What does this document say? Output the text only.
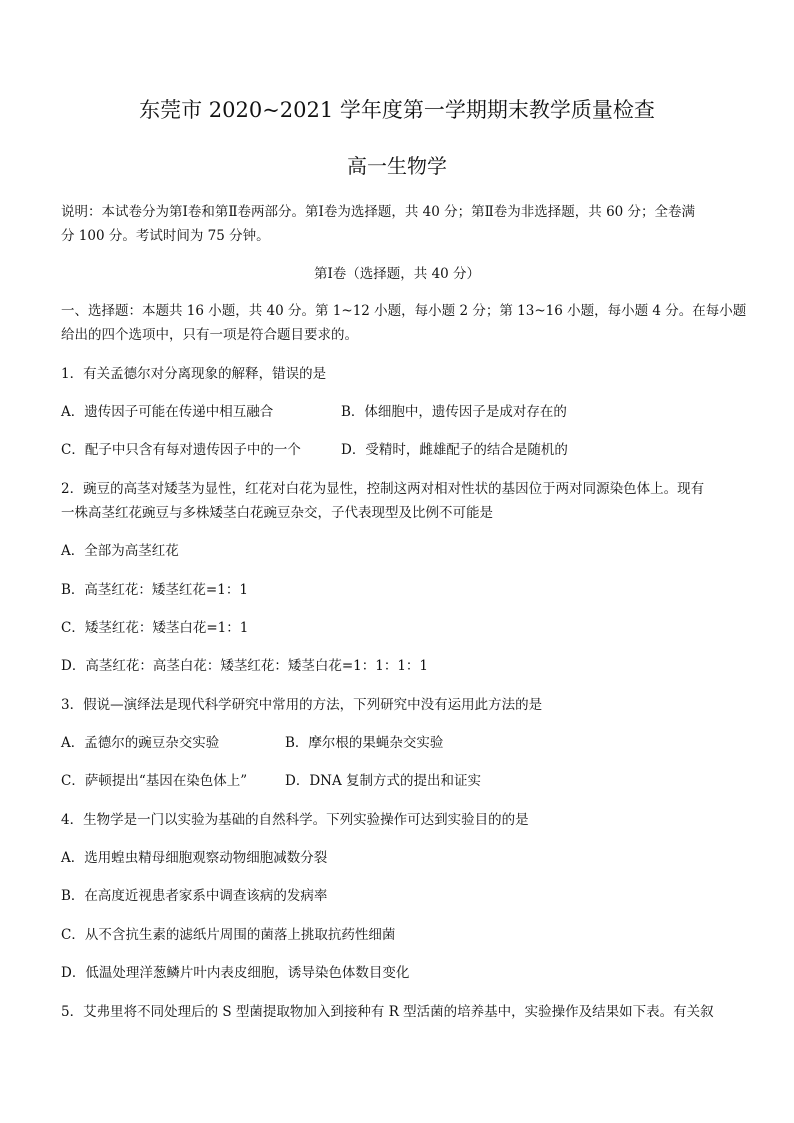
东莞市 2020~2021 学年度第一学期期末教学质量检查
高一生物学
说明：本试卷分为第Ⅰ卷和第Ⅱ卷两部分。第Ⅰ卷为选择题，共 40 分；第Ⅱ卷为非选择题，共 60 分；全卷满
分 100 分。考试时间为 75 分钟。
第Ⅰ卷（选择题，共 40 分）
一、选择题：本题共 16 小题，共 40 分。第 1~12 小题，每小题 2 分；第 13~16 小题，每小题 4 分。在每小题
给出的四个选项中，只有一项是符合题目要求的。
1．有关孟德尔对分离现象的解释，错误的是
A．遗传因子可能在传递中相互融合	B．体细胞中，遗传因子是成对存在的
C．配子中只含有每对遗传因子中的一个	D．受精时，雌雄配子的结合是随机的
2．豌豆的高茎对矮茎为显性，红花对白花为显性，控制这两对相对性状的基因位于两对同源染色体上。现有
一株高茎红花豌豆与多株矮茎白花豌豆杂交，子代表现型及比例不可能是
A．全部为高茎红花
B．高茎红花：矮茎红花=1：1
C．矮茎红花：矮茎白花=1：1
D．高茎红花：高茎白花：矮茎红花：矮茎白花=1：1：1：1
3．假说—演绎法是现代科学研究中常用的方法，下列研究中没有运用此方法的是
A．孟德尔的豌豆杂交实验	B．摩尔根的果蝇杂交实验
C．萨顿提出“基因在染色体上”	D．DNA 复制方式的提出和证实
4．生物学是一门以实验为基础的自然科学。下列实验操作可达到实验目的的是
A．选用蝗虫精母细胞观察动物细胞减数分裂
B．在高度近视患者家系中调查该病的发病率
C．从不含抗生素的滤纸片周围的菌落上挑取抗药性细菌
D．低温处理洋葱鳞片叶内表皮细胞，诱导染色体数目变化
5．艾弗里将不同处理后的 S 型菌提取物加入到接种有 R 型活菌的培养基中，实验操作及结果如下表。有关叙
